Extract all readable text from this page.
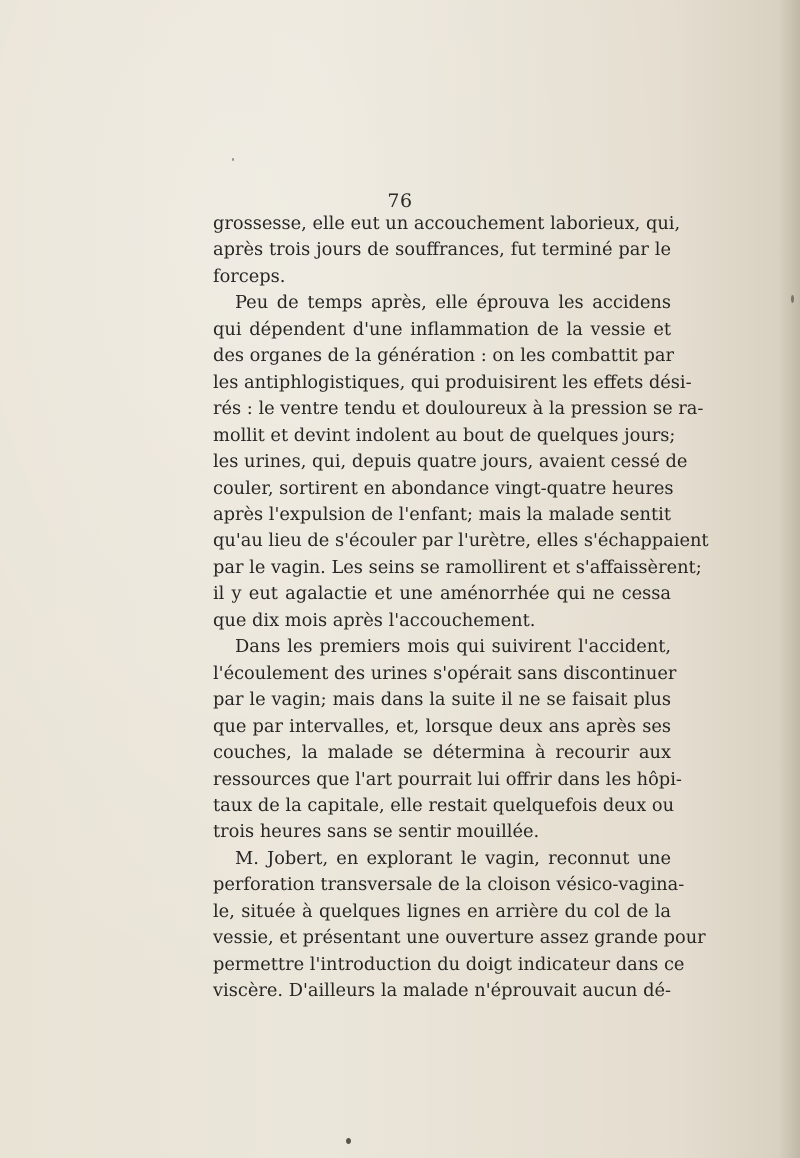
76
grossesse, elle eut un accouchement laborieux, qui,
après trois jours de souffrances, fut terminé par le
forceps.
Peu de temps après, elle éprouva les accidens
qui dépendent d'une inflammation de la vessie et
des organes de la génération : on les combattit par
les antiphlogistiques, qui produisirent les effets dési-
rés : le ventre tendu et douloureux à la pression se ra-
mollit et devint indolent au bout de quelques jours;
les urines, qui, depuis quatre jours, avaient cessé de
couler, sortirent en abondance vingt-quatre heures
après l'expulsion de l'enfant; mais la malade sentit
qu'au lieu de s'écouler par l'urètre, elles s'échappaient
par le vagin. Les seins se ramollirent et s'affaissèrent;
il y eut agalactie et une aménorrhée qui ne cessa
que dix mois après l'accouchement.
Dans les premiers mois qui suivirent l'accident,
l'écoulement des urines s'opérait sans discontinuer
par le vagin; mais dans la suite il ne se faisait plus
que par intervalles, et, lorsque deux ans après ses
couches, la malade se détermina à recourir aux
ressources que l'art pourrait lui offrir dans les hôpi-
taux de la capitale, elle restait quelquefois deux ou
trois heures sans se sentir mouillée.
M. Jobert, en explorant le vagin, reconnut une
perforation transversale de la cloison vésico-vagina-
le, située à quelques lignes en arrière du col de la
vessie, et présentant une ouverture assez grande pour
permettre l'introduction du doigt indicateur dans ce
viscère. D'ailleurs la malade n'éprouvait aucun dé-
